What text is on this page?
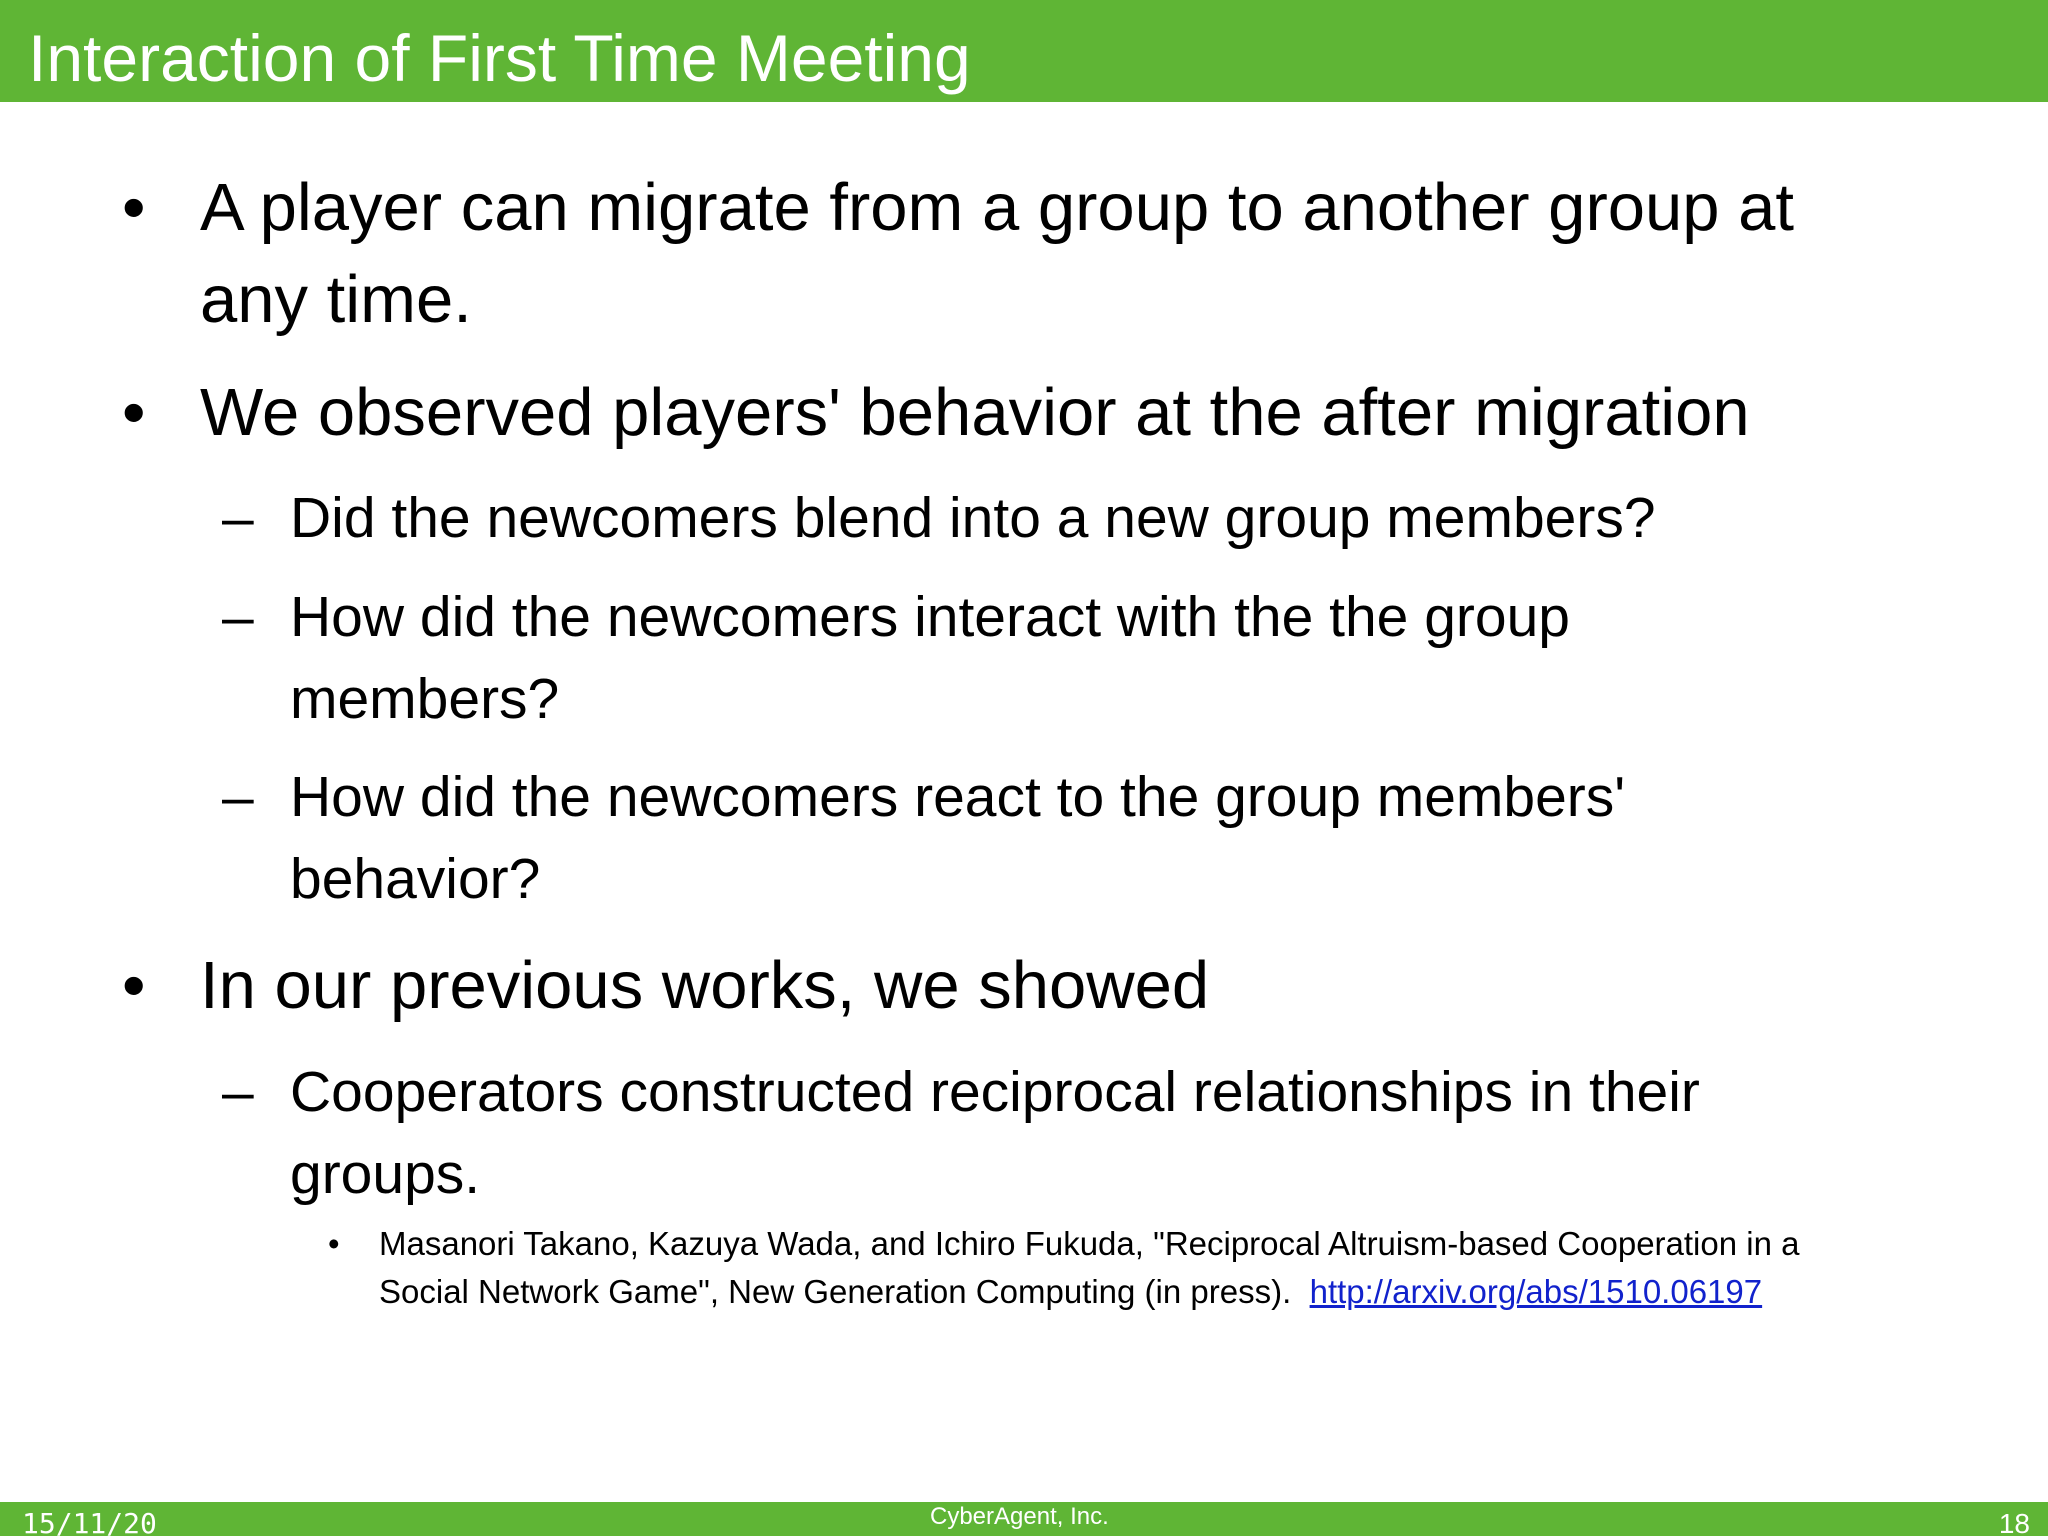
Interaction of First Time Meeting
• A player can migrate from a group to another group at
any time.
• We observed players' behavior at the after migration
– Did the newcomers blend into a new group members?
– How did the newcomers interact with the the group
members?
– How did the newcomers react to the group members'
behavior?
• In our previous works, we showed
– Cooperators constructed reciprocal relationships in their
groups.
• Masanori Takano, Kazuya Wada, and Ichiro Fukuda, "Reciprocal Altruism-based Cooperation in a
Social Network Game", New Generation Computing (in press). http://arxiv.org/abs/1510.06197
15/11/20	CyberAgent, Inc.	18
